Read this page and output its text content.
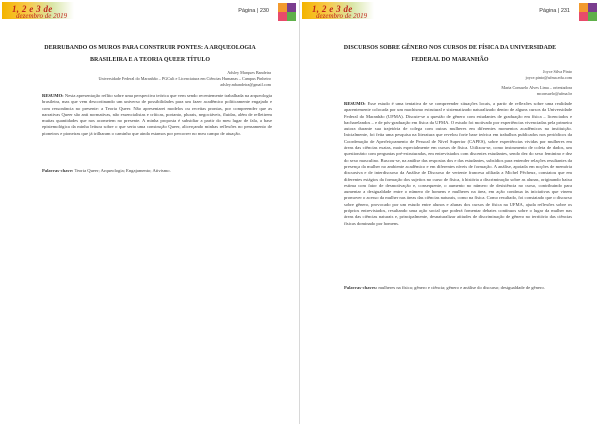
1, 2 e 3 de
dezembro de 2019
Página | 230
DERRUBANDO OS MUROS PARA CONSTRUIR PONTES: A ARQUEOLOGIA
BRASILEIRA E A TEORIA QUEER TÍTULO
Adsley Marques Bandeira
Universidade Federal do Maranhão – PGCult e Licenciatura em Ciências Humanas – Campus Pinheiro
adsley.mbandeira@gmail.com
RESUMO: Nesta apresentação reflito sobre uma perspectiva teórica que vem sendo recentemente trabalhada na arqueologia brasileira, mas que vem descortinando um universo de possibilidades para um fazer acadêmico politicamente engajado e com ressonância no presente: a Teoria Queer. Não apresentarei modelos ou receitas prontas, por compreender que as narrativas Queer são anti normativas, não essencialistas e críticas, portanto, plurais, negociáveis, fluidas, além de refletirem muitas quantidades que nos acometem no presente. A minha proposta é subsidiar a partir do meu lugar de fala, a base epistemológica da minha leitura sobre o que seria uma construção Queer, alicerçando minhas reflexões no pensamento de pioneiros e pioneiras que já trilharam o caminho que ainda estamos por percorrer no meu campo de atuação.
Palavras-chave: Teoria Queer; Arqueologia; Engajamento; Ativismo.
1, 2 e 3 de
dezembro de 2019
Página | 231
DISCURSOS SOBRE GÊNERO NOS CURSOS DE FÍSICA DA UNIVERSIDADE
FEDERAL DO MARANHÃO
Joyce Silva Pinto
joyce.pinto@ufma.edu.com
Maria Consuelo Alves Lima – orientadora
mconsuelo@ufma.br
RESUMO: Esse estudo é uma tentativa de se compreender situações locais, a partir de reflexões sobre uma realidade aparentemente colocada por um machismo estrutural e sistematizado naturalizado dentro de alguns cursos da Universidade Federal do Maranhão (UFMA). Discute-se a questão de gênero com estudantes de graduação em física – licenciados e bacharelandos – e de pós-graduação em física da UFMA. O estudo foi motivado por experiências vivenciadas pela primeira autora durante sua trajetória de colega com outras mulheres em diferentes momentos acadêmicos na instituição. Inicialmente, foi feita uma pesquisa na literatura que revelou forte base teórica em trabalhos publicados nos periódicos da Coordenação de Aperfeiçoamento de Pessoal de Nível Superior (CAPES), sobre experiências vividas por mulheres em áreas das ciências exatas, mais especialmente em cursos de física. Utilizou-se, como instrumento de coleta de dados, um questionário com perguntas pré-estruturadas, em entrevistados com discentes estudantes, sendo dez do sexo feminino e dez do sexo masculino. Buscou-se, na análise das respostas dos e das estudantes, subsídios para entender relações resultantes da presença da mulher no ambiente acadêmico e em diferentes níveis de formação. A análise, apoiada em noções de memória discursiva e de interdiscurso da Análise de Discurso de vertente francesa afiliada a Michel Pêcheux, constatou que em diferentes estágios da formação dos sujeitos no curso de física, à história a discriminação sobre as alunas, originando baixa estima com fator de desmotivação e, consequente, o aumento no número de desistência no curso, contribuindo para aumentar a desigualdade entre o número de homens e mulheres na área, em ação contínua às iniciativas que vinem promover o acesso da mulher nas áreas das ciências naturais, como na física. Como resultado, foi constatado que o discurso sobre gênero, provocado por um estudo entre alunos e alunas dos cursos de física na UFMA, ajuda reflexões sobre os próprios entrevistados, resultando uma ação social que poderá fomentar debates contínuos sobre o lugar da mulher nas áreas das ciências naturais e, principalmente, desnaturalizar atitudes de discriminação de gênero no território das ciências físicas dominado por homens.
Palavras-chaves: mulheres na física; gênero e ciência; gênero e análise do discurso; desigualdade de gênero.
